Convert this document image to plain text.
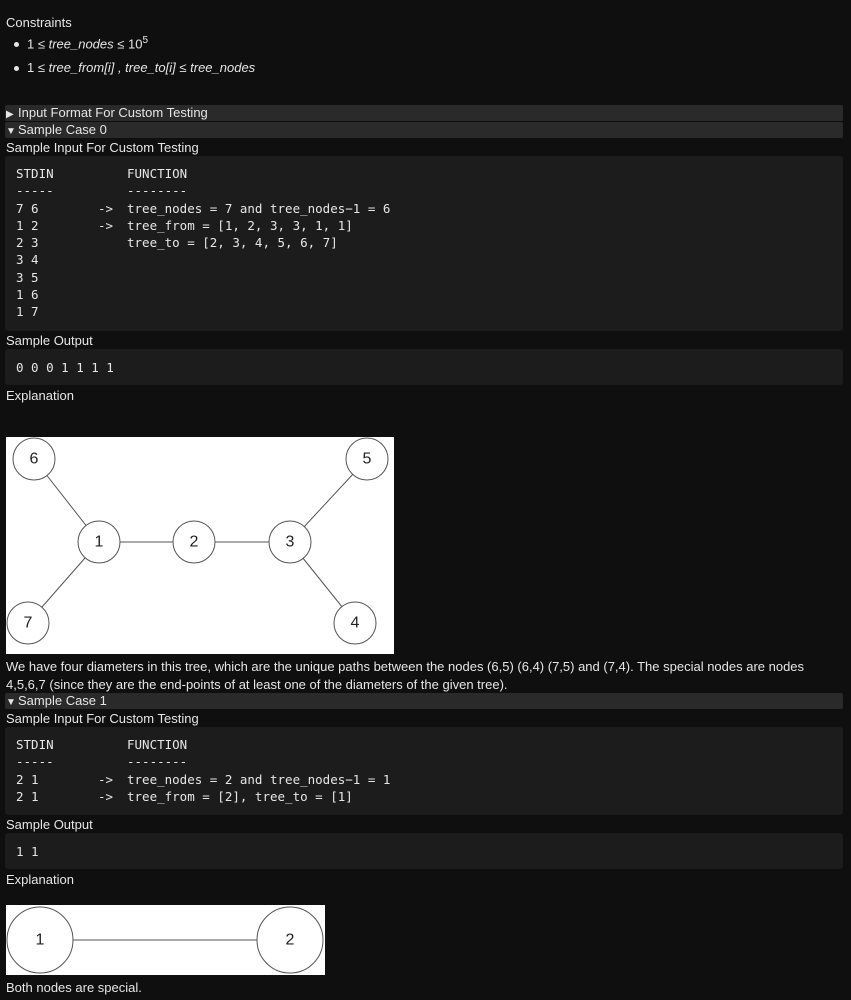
Constraints
1 ≤ tree_nodes ≤ $10^5$
1 ≤ tree_from[i] , tree_to[i] ≤ tree_nodes
▶ Input Format For Custom Testing
▼ Sample Case 0
Sample Input For Custom Testing

STDIN	FUNCTION

-----	--------

7 6	-> tree_nodes = 7 and tree_nodes−1 = 6

1 2	-> tree_from = [1, 2, 3, 3, 1, 1]

2 3	tree_to = [2, 3, 4, 5, 6, 7]

3 4

3 5

1 6

1 7

Sample Output

0 0 0 1 1 1 1

Explanation
1	2	3
4
5
6
7
We have four diameters in this tree, which are the unique paths between the nodes (6,5) (6,4) (7,5) and (7,4). The special nodes are nodes 4,5,6,7 (since they are the end-points of at least one of the diameters of the given tree).
▼ Sample Case 1
Sample Input For Custom Testing

STDIN	FUNCTION

-----	--------

2 1	-> tree_nodes = 2 and tree_nodes−1 = 1

2 1	-> tree_from = [2], tree_to = [1]

Sample Output

1 1

Explanation
1	2
Both nodes are special.
